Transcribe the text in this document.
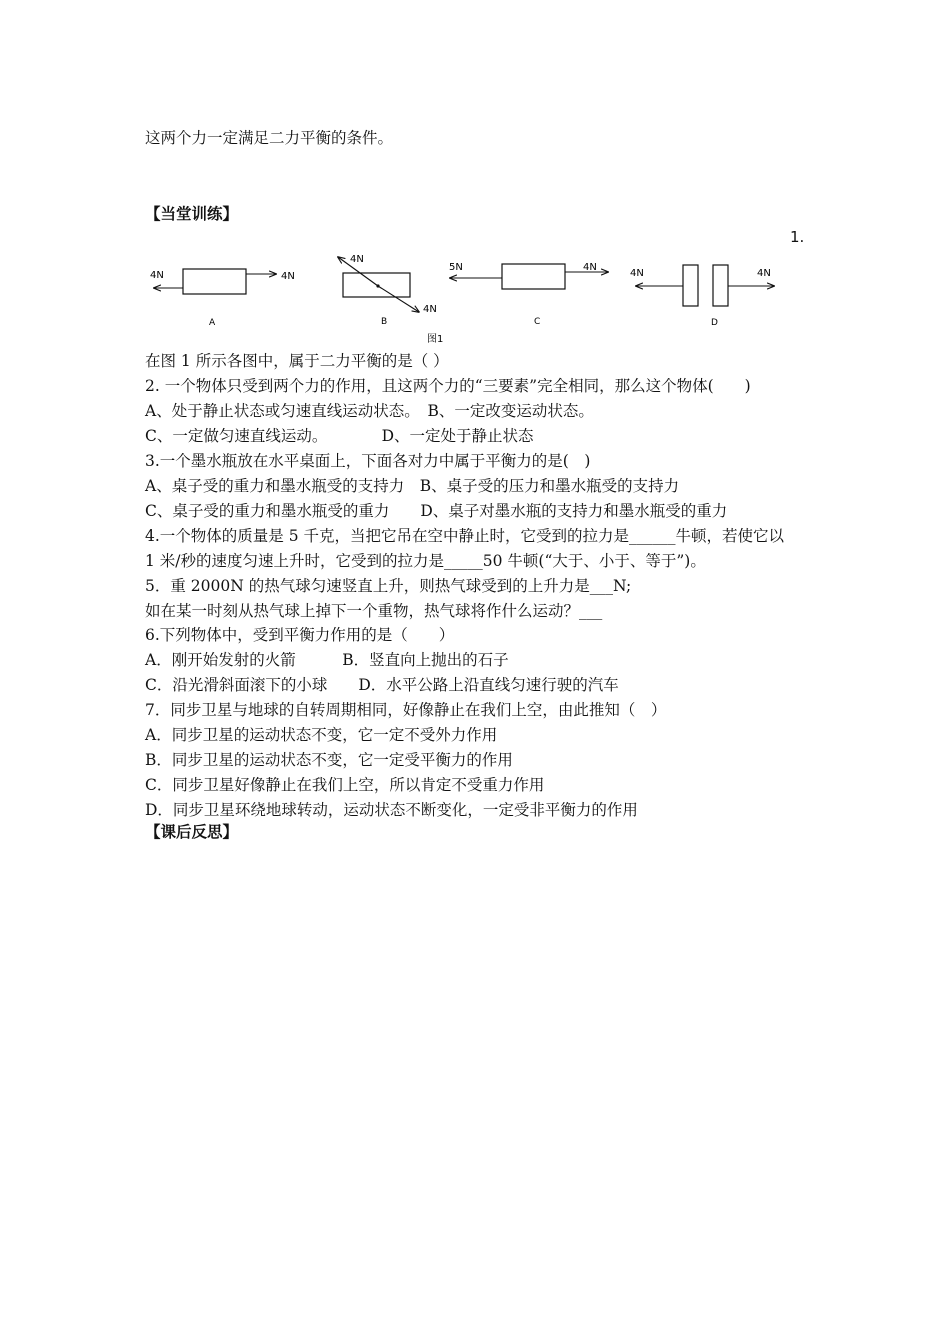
这两个力一定满足二力平衡的条件。
【当堂训练】
1.
4N	4N
A
4N
4N
B
5N	4N
C
4N	4N
D
图1
在图 1 所示各图中，属于二力平衡的是（ ）
2. 一个物体只受到两个力的作用，且这两个力的“三要素”完全相同，那么这个物体(　　)
A、处于静止状态或匀速直线运动状态。　B、一定改变运动状态。
C、一定做匀速直线运动。　　　　D、一定处于静止状态
3.一个墨水瓶放在水平桌面上，下面各对力中属于平衡力的是(　)
A、桌子受的重力和墨水瓶受的支持力　B、桌子受的压力和墨水瓶受的支持力
C、桌子受的重力和墨水瓶受的重力　　D、桌子对墨水瓶的支持力和墨水瓶受的重力
4.一个物体的质量是 5 千克，当把它吊在空中静止时，它受到的拉力是______牛顿，若使它以
1 米/秒的速度匀速上升时，它受到的拉力是_____50 牛顿(“大于、小于、等于”)。
5．重 2000N 的热气球匀速竖直上升，则热气球受到的上升力是___N;
如在某一时刻从热气球上掉下一个重物，热气球将作什么运动？___
6.下列物体中，受到平衡力作用的是（　　）
A．刚开始发射的火箭　　　B．竖直向上抛出的石子
C．沿光滑斜面滚下的小球　　D．水平公路上沿直线匀速行驶的汽车
7．同步卫星与地球的自转周期相同，好像静止在我们上空，由此推知（　）
A．同步卫星的运动状态不变，它一定不受外力作用
B．同步卫星的运动状态不变，它一定受平衡力的作用
C．同步卫星好像静止在我们上空，所以肯定不受重力作用
D．同步卫星环绕地球转动，运动状态不断变化，一定受非平衡力的作用
【课后反思】
